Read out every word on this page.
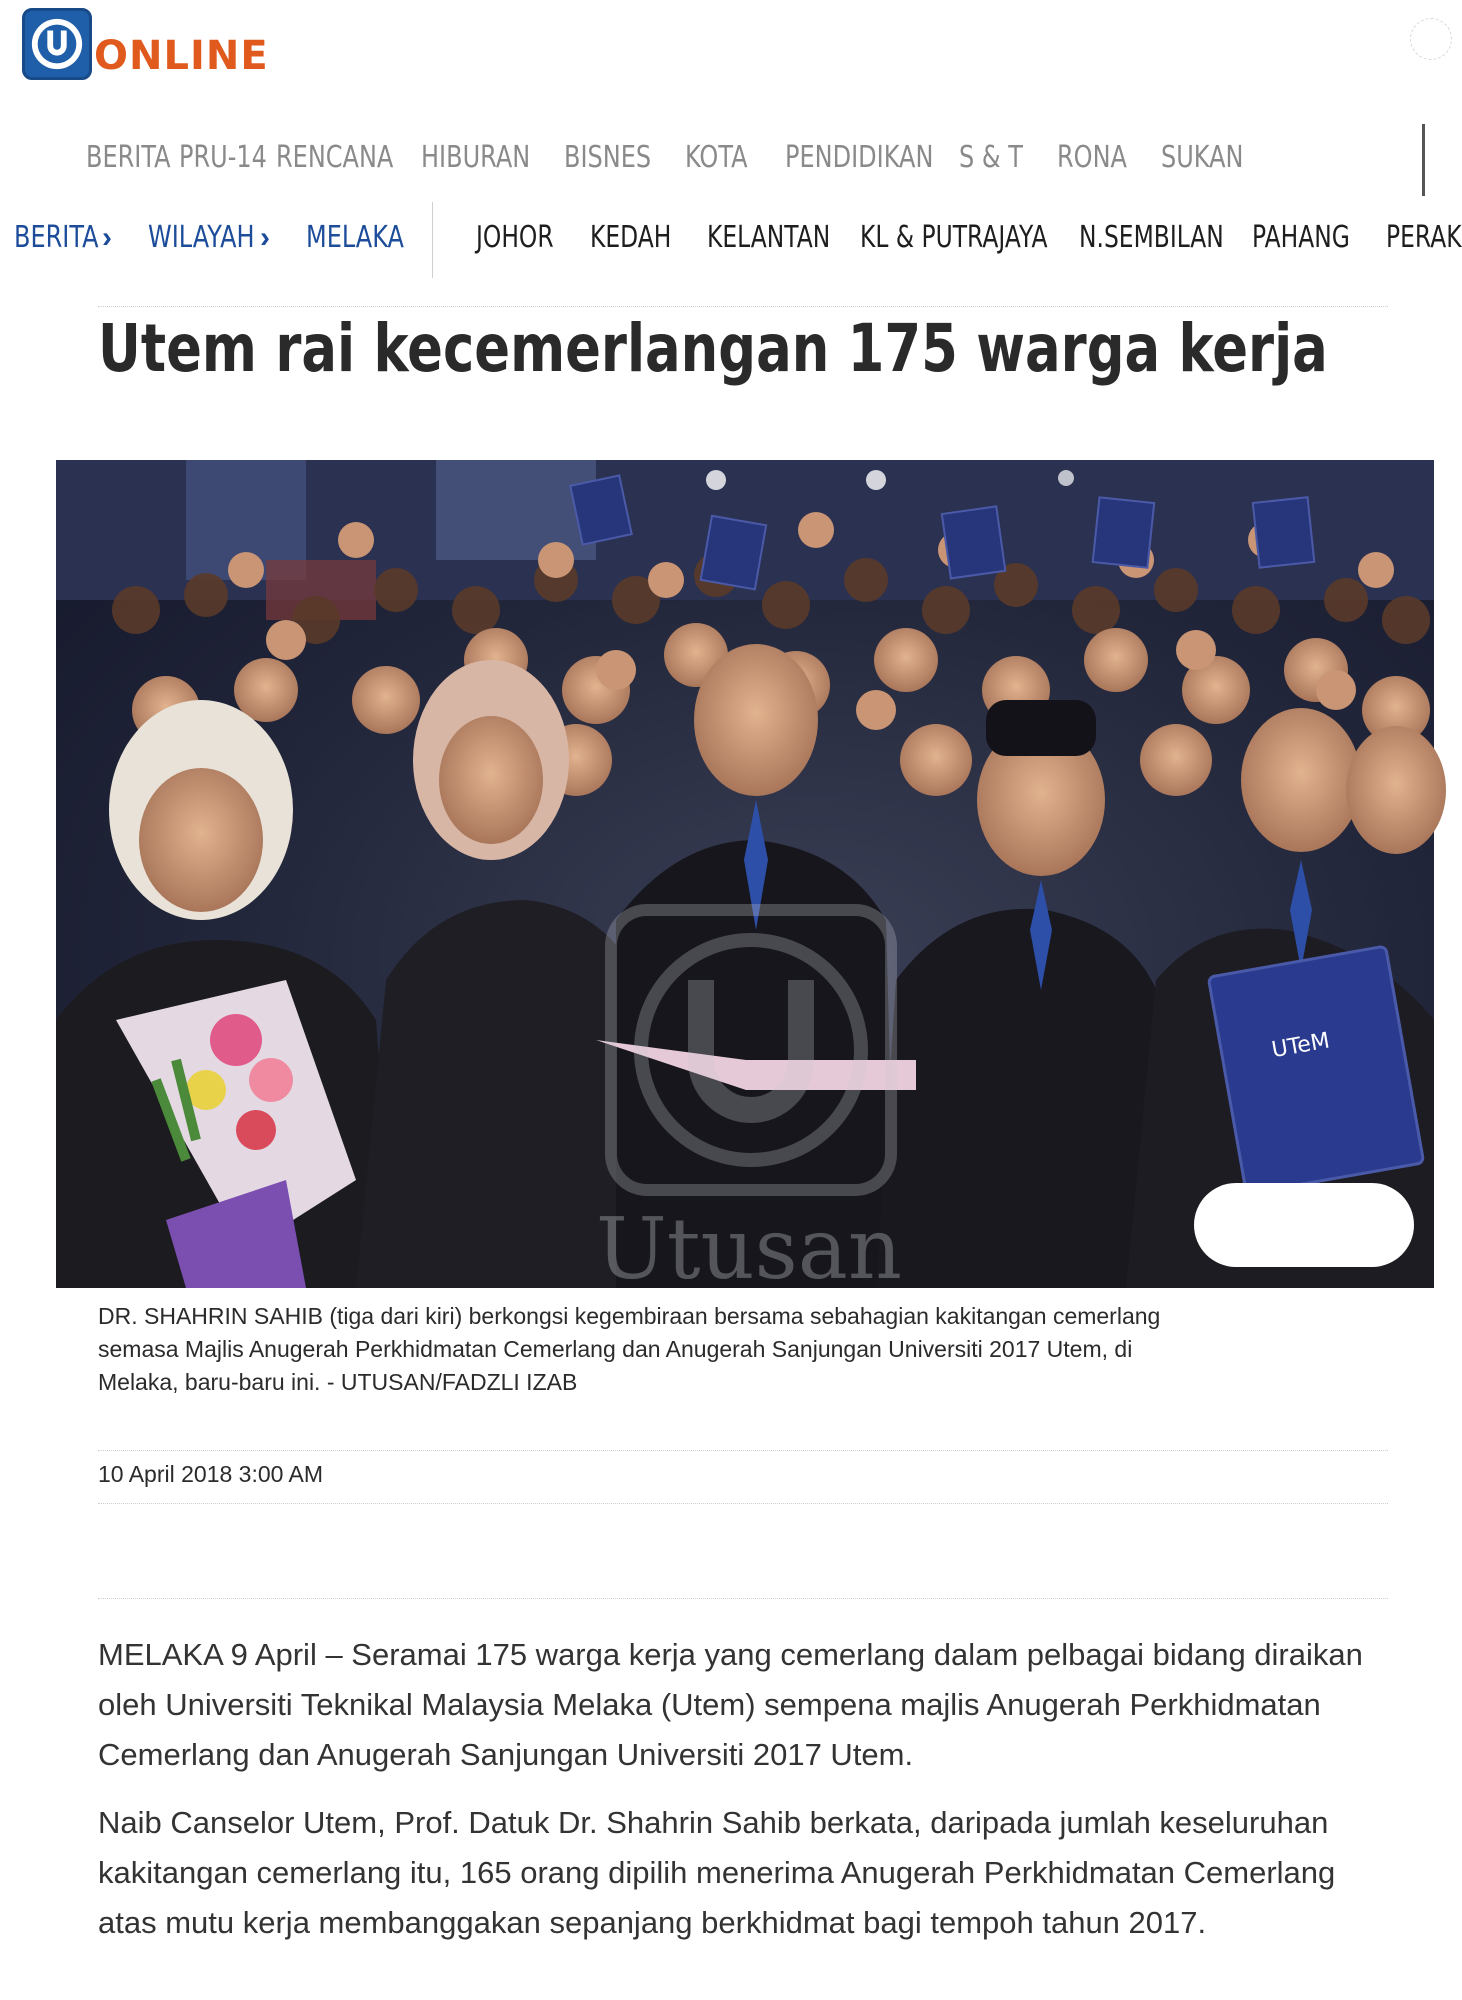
ONLINE
BERITA PRU-14 RENCANA HIBURAN BISNES	KOTA	PENDIDIKAN S & T	RONA	SUKAN
BERITA ›	WILAYAH ›	MELAKA JOHOR	KEDAH	KELANTAN KL & PUTRAJAYA N.SEMBILAN PAHANG PERAK
Utem rai kecemerlangan 175 warga kerja
UTeM
Utusan
DR. SHAHRIN SAHIB (tiga dari kiri) berkongsi kegembiraan bersama sebahagian kakitangan cemerlang semasa Majlis Anugerah Perkhidmatan Cemerlang dan Anugerah Sanjungan Universiti 2017 Utem, di Melaka, baru-baru ini. - UTUSAN/FADZLI IZAB
10 April 2018 3:00 AM

MELAKA 9 April – Seramai 175 warga kerja yang cemerlang dalam pelbagai bidang diraikan oleh Universiti Teknikal Malaysia Melaka (Utem) sempena majlis Anugerah Perkhidmatan Cemerlang dan Anugerah Sanjungan Universiti 2017 Utem.

Naib Canselor Utem, Prof. Datuk Dr. Shahrin Sahib berkata, daripada jumlah keseluruhan kakitangan cemerlang itu, 165 orang dipilih menerima Anugerah Perkhidmatan Cemerlang atas mutu kerja membanggakan sepanjang berkhidmat bagi tempoh tahun 2017.
